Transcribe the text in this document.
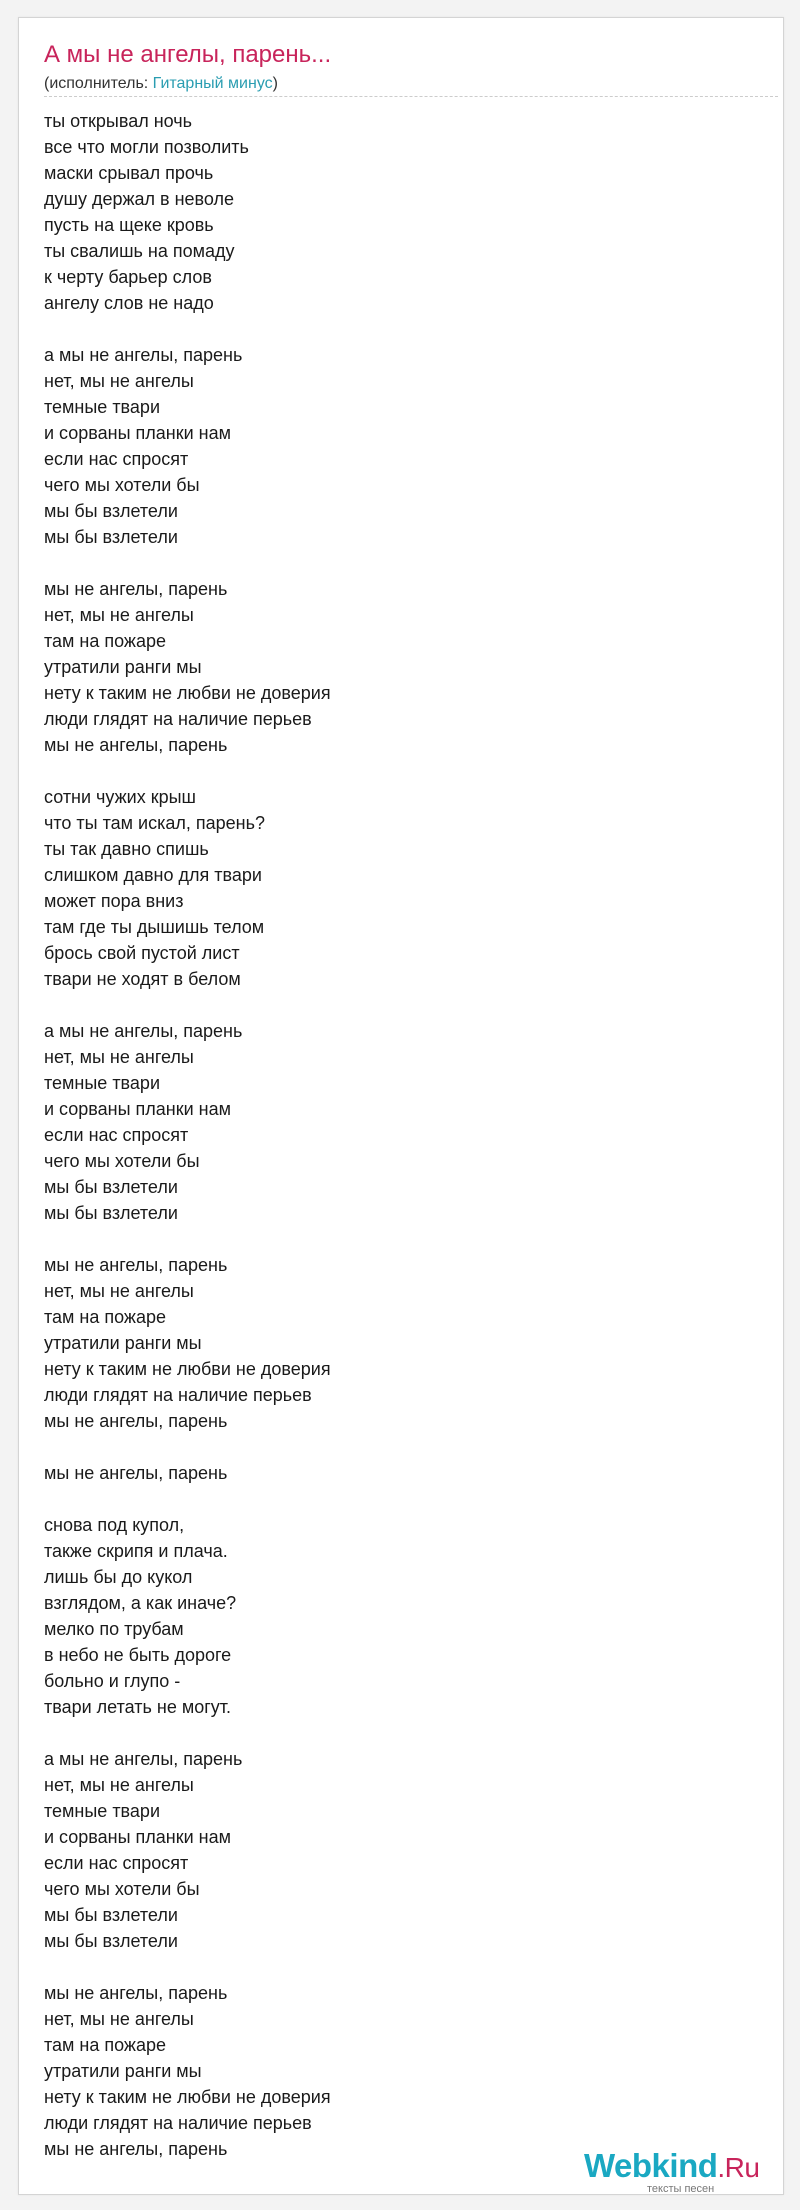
А мы не ангелы, парень...
(исполнитель: Гитарный минус)
ты открывал ночь
все что могли позволить
маски срывал прочь
душу держал в неволе
пусть на щеке кровь
ты свалишь на помаду
к черту барьер слов
ангелу слов не надо
а мы не ангелы, парень
нет, мы не ангелы
темные твари
и сорваны планки нам
если нас спросят
чего мы хотели бы
мы бы взлетели
мы бы взлетели
мы не ангелы, парень
нет, мы не ангелы
там на пожаре
утратили ранги мы
нету к таким не любви не доверия
люди глядят на наличие перьев
мы не ангелы, парень
сотни чужих крыш
что ты там искал, парень?
ты так давно спишь
слишком давно для твари
может пора вниз
там где ты дышишь телом
брось свой пустой лист
твари не ходят в белом
а мы не ангелы, парень
нет, мы не ангелы
темные твари
и сорваны планки нам
если нас спросят
чего мы хотели бы
мы бы взлетели
мы бы взлетели
мы не ангелы, парень
нет, мы не ангелы
там на пожаре
утратили ранги мы
нету к таким не любви не доверия
люди глядят на наличие перьев
мы не ангелы, парень
мы не ангелы, парень
снова под купол,
также скрипя и плача.
лишь бы до кукол
взглядом, а как иначе?
мелко по трубам
в небо не быть дороге
больно и глупо -
твари летать не могут.
а мы не ангелы, парень
нет, мы не ангелы
темные твари
и сорваны планки нам
если нас спросят
чего мы хотели бы
мы бы взлетели
мы бы взлетели
мы не ангелы, парень
нет, мы не ангелы
там на пожаре
утратили ранги мы
нету к таким не любви не доверия
люди глядят на наличие перьев
мы не ангелы, парень	Webkind.Ru
тексты песен
